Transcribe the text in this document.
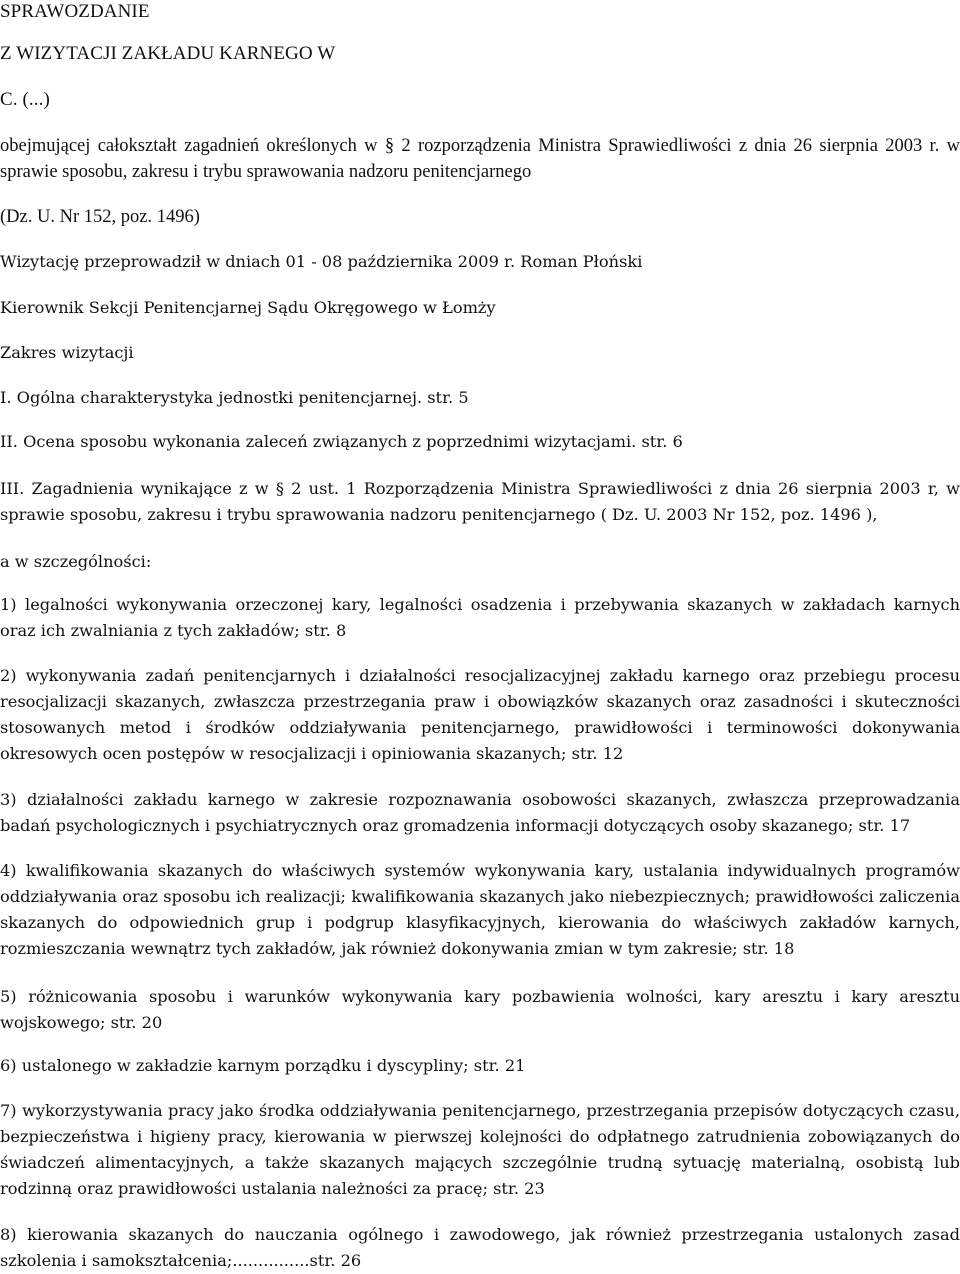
SPRAWOZDANIE
Z WIZYTACJI ZAKŁADU KARNEGO W
C. (...)

obejmującej całokształt zagadnień określonych w § 2 rozporządzenia Ministra Sprawiedliwości z dnia 26 sierpnia 2003 r. w sprawie sposobu, zakresu i trybu sprawowania nadzoru penitencjarnego

(Dz. U. Nr 152, poz. 1496)
Wizytację przeprowadził w dniach 01 - 08 października 2009 r. Roman Płoński
Kierownik Sekcji Penitencjarnej Sądu Okręgowego w Łomży
Zakres wizytacji
I. Ogólna charakterystyka jednostki penitencjarnej. str. 5
II. Ocena sposobu wykonania zaleceń związanych z poprzednimi wizytacjami. str. 6

III. Zagadnienia wynikające z w § 2 ust. 1 Rozporządzenia Ministra Sprawiedliwości z dnia 26 sierpnia 2003 r, w sprawie sposobu, zakresu i trybu sprawowania nadzoru penitencjarnego ( Dz. U. 2003 Nr 152, poz. 1496 ),

a w szczególności:

1) legalności wykonywania orzeczonej kary, legalności osadzenia i przebywania skazanych w zakładach karnych oraz ich zwalniania z tych zakładów; str. 8

2) wykonywania zadań penitencjarnych i działalności resocjalizacyjnej zakładu karnego oraz przebiegu procesu resocjalizacji skazanych, zwłaszcza przestrzegania praw i obowiązków skazanych oraz zasadności i skuteczności stosowanych metod i środków oddziaływania penitencjarnego, prawidłowości i terminowości dokonywania okresowych ocen postępów w resocjalizacji i opiniowania skazanych; str. 12

3) działalności zakładu karnego w zakresie rozpoznawania osobowości skazanych, zwłaszcza przeprowadzania badań psychologicznych i psychiatrycznych oraz gromadzenia informacji dotyczących osoby skazanego; str. 17

4) kwalifikowania skazanych do właściwych systemów wykonywania kary, ustalania indywidualnych programów oddziaływania oraz sposobu ich realizacji; kwalifikowania skazanych jako niebezpiecznych; prawidłowości zaliczenia skazanych do odpowiednich grup i podgrup klasyfikacyjnych, kierowania do właściwych zakładów karnych, rozmieszczania wewnątrz tych zakładów, jak również dokonywania zmian w tym zakresie; str. 18

5) różnicowania sposobu i warunków wykonywania kary pozbawienia wolności, kary aresztu i kary aresztu wojskowego; str. 20

6) ustalonego w zakładzie karnym porządku i dyscypliny; str. 21

7) wykorzystywania pracy jako środka oddziaływania penitencjarnego, przestrzegania przepisów dotyczących czasu, bezpieczeństwa i higieny pracy, kierowania w pierwszej kolejności do odpłatnego zatrudnienia zobowiązanych do świadczeń alimentacyjnych, a także skazanych mających szczególnie trudną sytuację materialną, osobistą lub rodzinną oraz prawidłowości ustalania należności za pracę; str. 23

8) kierowania skazanych do nauczania ogólnego i zawodowego, jak również przestrzegania ustalonych zasad szkolenia i samokształcenia;...............str. 26
